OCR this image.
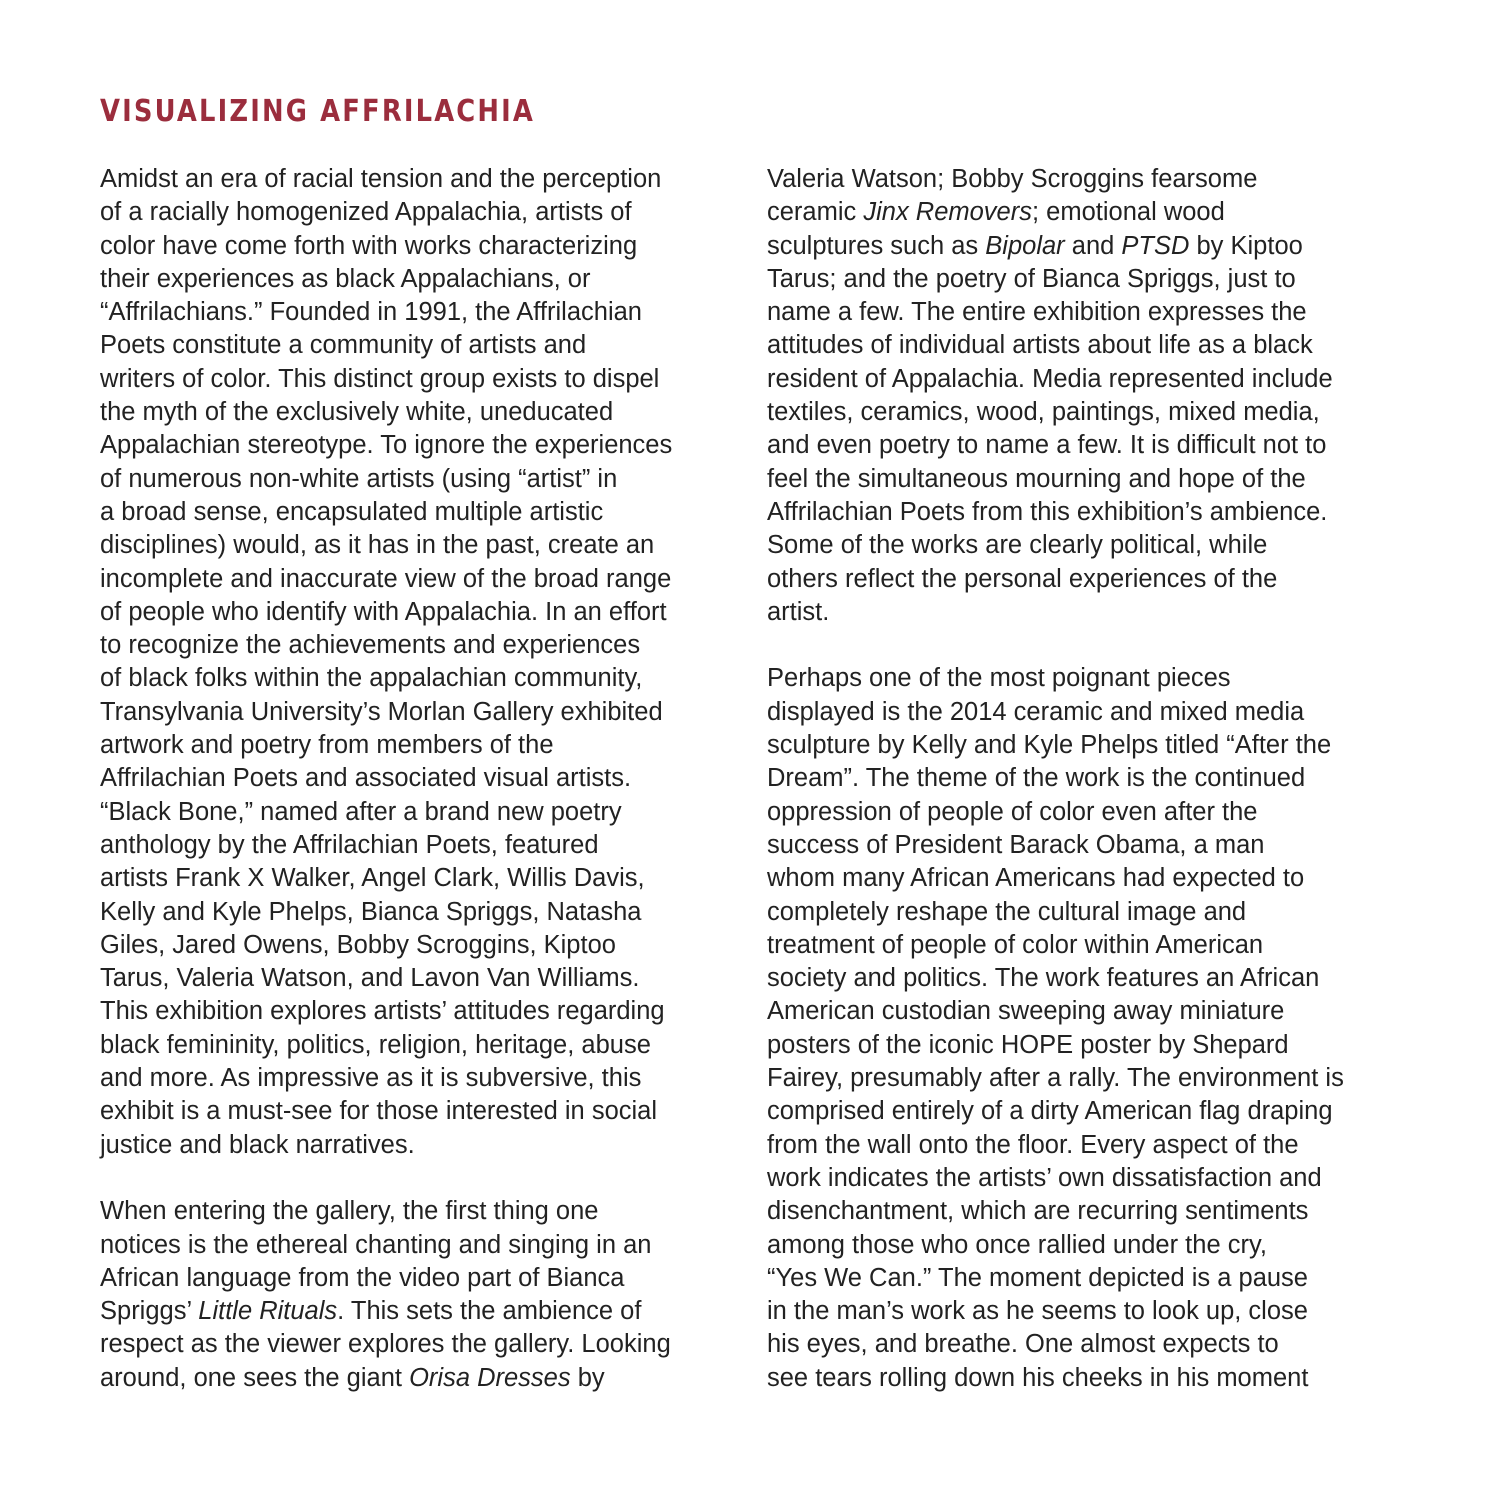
VISUALIZING AFFRILACHIA
Amidst an era of racial tension and the perception
of a racially homogenized Appalachia, artists of
color have come forth with works characterizing
their experiences as black Appalachians, or
“Affrilachians.” Founded in 1991, the Affrilachian
Poets constitute a community of artists and
writers of color. This distinct group exists to dispel
the myth of the exclusively white, uneducated
Appalachian stereotype. To ignore the experiences
of numerous non-white artists (using “artist” in
a broad sense, encapsulated multiple artistic
disciplines) would, as it has in the past, create an
incomplete and inaccurate view of the broad range
of people who identify with Appalachia. In an effort
to recognize the achievements and experiences
of black folks within the appalachian community,
Transylvania University’s Morlan Gallery exhibited
artwork and poetry from members of the
Affrilachian Poets and associated visual artists.
“Black Bone,” named after a brand new poetry
anthology by the Affrilachian Poets, featured
artists Frank X Walker, Angel Clark, Willis Davis,
Kelly and Kyle Phelps, Bianca Spriggs, Natasha
Giles, Jared Owens, Bobby Scroggins, Kiptoo
Tarus, Valeria Watson, and Lavon Van Williams.
This exhibition explores artists’ attitudes regarding
black femininity, politics, religion, heritage, abuse
and more. As impressive as it is subversive, this
exhibit is a must-see for those interested in social
justice and black narratives.
When entering the gallery, the first thing one
notices is the ethereal chanting and singing in an
African language from the video part of Bianca
Spriggs’ Little Rituals. This sets the ambience of
respect as the viewer explores the gallery. Looking
around, one sees the giant Orisa Dresses by
Valeria Watson; Bobby Scroggins fearsome
ceramic Jinx Removers; emotional wood
sculptures such as Bipolar and PTSD by Kiptoo
Tarus; and the poetry of Bianca Spriggs, just to
name a few. The entire exhibition expresses the
attitudes of individual artists about life as a black
resident of Appalachia. Media represented include
textiles, ceramics, wood, paintings, mixed media,
and even poetry to name a few. It is difficult not to
feel the simultaneous mourning and hope of the
Affrilachian Poets from this exhibition’s ambience.
Some of the works are clearly political, while
others reflect the personal experiences of the
artist.
Perhaps one of the most poignant pieces
displayed is the 2014 ceramic and mixed media
sculpture by Kelly and Kyle Phelps titled “After the
Dream”. The theme of the work is the continued
oppression of people of color even after the
success of President Barack Obama, a man
whom many African Americans had expected to
completely reshape the cultural image and
treatment of people of color within American
society and politics. The work features an African
American custodian sweeping away miniature
posters of the iconic HOPE poster by Shepard
Fairey, presumably after a rally. The environment is
comprised entirely of a dirty American flag draping
from the wall onto the floor. Every aspect of the
work indicates the artists’ own dissatisfaction and
disenchantment, which are recurring sentiments
among those who once rallied under the cry,
“Yes We Can.” The moment depicted is a pause
in the man’s work as he seems to look up, close
his eyes, and breathe. One almost expects to
see tears rolling down his cheeks in his moment
